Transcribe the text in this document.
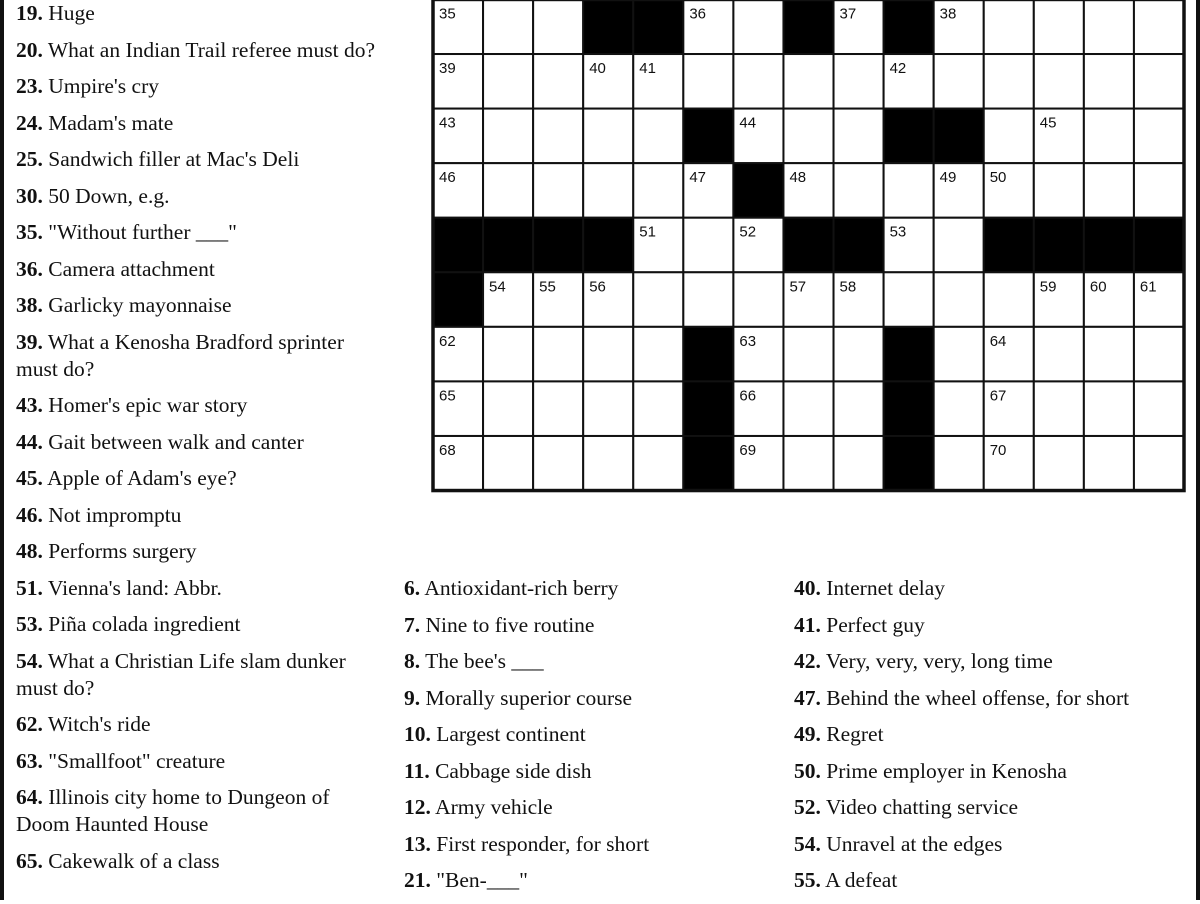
19. Huge
20. What an Indian Trail referee must do?
23. Umpire's cry
24. Madam's mate
25. Sandwich filler at Mac's Deli
30. 50 Down, e.g.
35. "Without further ___"
36. Camera attachment
38. Garlicky mayonnaise
39. What a Kenosha Bradford sprinter must do?
43. Homer's epic war story
44. Gait between walk and canter
45. Apple of Adam's eye?
46. Not impromptu
48. Performs surgery
51. Vienna's land: Abbr.
53. Piña colada ingredient
54. What a Christian Life slam dunker must do?
62. Witch's ride
63. "Smallfoot" creature
64. Illinois city home to Dungeon of Doom Haunted House
65. Cakewalk of a class
35	36	37	38
39	40 41	42
43	44	45
46	47	48	49 50
51	52	53
54 55 56	57 58	59 60 61
62	63	64
65	66	67
68	69	70
6. Antioxidant-rich berry
7. Nine to five routine
8. The bee's ___
9. Morally superior course
10. Largest continent
11. Cabbage side dish
12. Army vehicle
13. First responder, for short
21. "Ben-___"
40. Internet delay
41. Perfect guy
42. Very, very, very, long time
47. Behind the wheel offense, for short
49. Regret
50. Prime employer in Kenosha
52. Video chatting service
54. Unravel at the edges
55. A defeat
